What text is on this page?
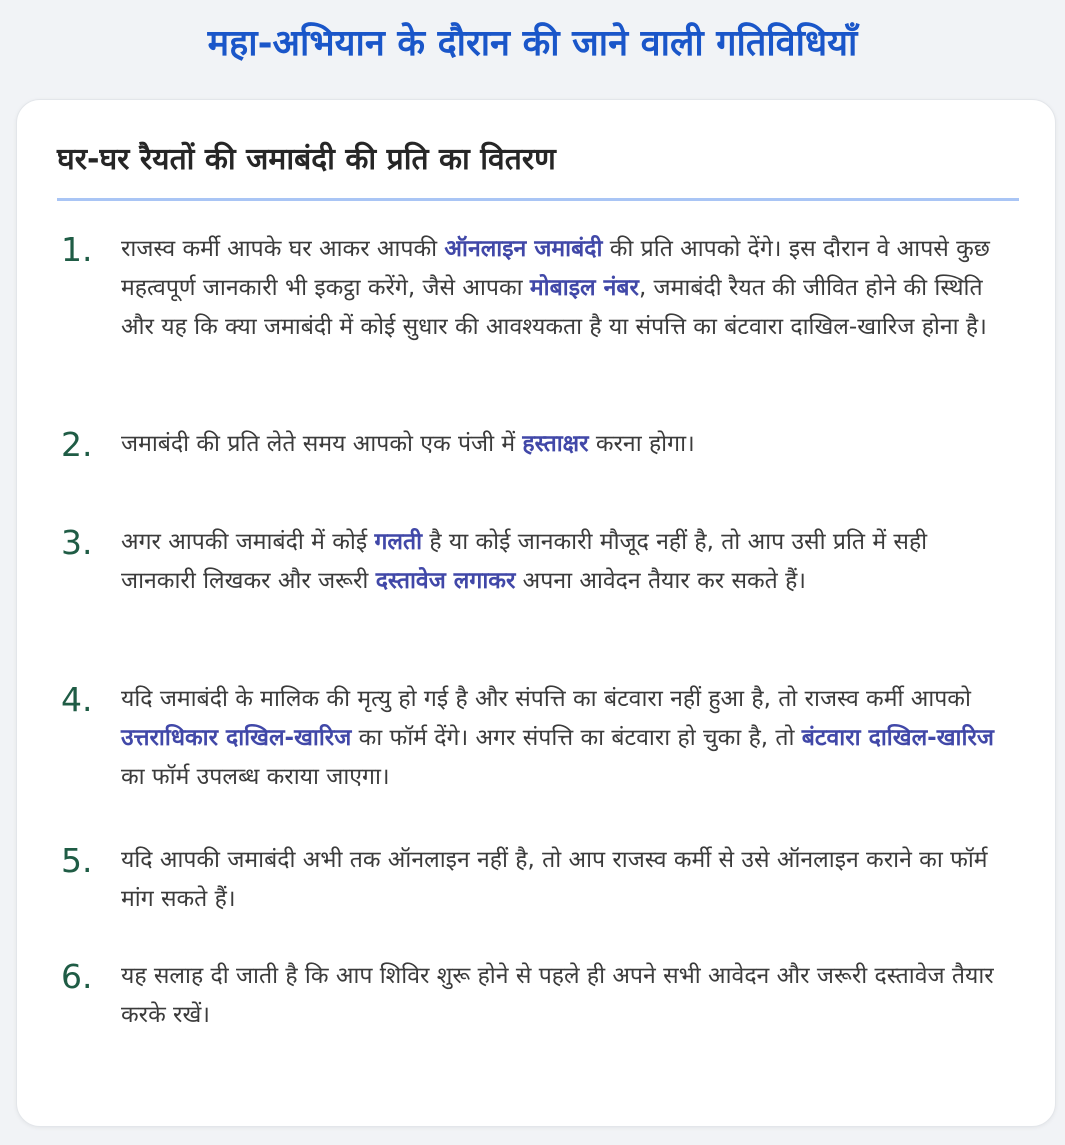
महा-अभियान के दौरान की जाने वाली गतिविधियाँ
घर-घर रैयतों की जमाबंदी की प्रति का वितरण
1. राजस्व कर्मी आपके घर आकर आपकी ऑनलाइन जमाबंदी की प्रति आपको देंगे। इस दौरान वे आपसे कुछ महत्वपूर्ण जानकारी भी इकट्ठा करेंगे, जैसे आपका मोबाइल नंबर, जमाबंदी रैयत की जीवित होने की स्थिति और यह कि क्या जमाबंदी में कोई सुधार की आवश्यकता है या संपत्ति का बंटवारा दाखिल-खारिज होना है।
2. जमाबंदी की प्रति लेते समय आपको एक पंजी में हस्ताक्षर करना होगा।
3. अगर आपकी जमाबंदी में कोई गलती है या कोई जानकारी मौजूद नहीं है, तो आप उसी प्रति में सही जानकारी लिखकर और जरूरी दस्तावेज लगाकर अपना आवेदन तैयार कर सकते हैं।
4. यदि जमाबंदी के मालिक की मृत्यु हो गई है और संपत्ति का बंटवारा नहीं हुआ है, तो राजस्व कर्मी आपको उत्तराधिकार दाखिल-खारिज का फॉर्म देंगे। अगर संपत्ति का बंटवारा हो चुका है, तो बंटवारा दाखिल-खारिज का फॉर्म उपलब्ध कराया जाएगा।
5. यदि आपकी जमाबंदी अभी तक ऑनलाइन नहीं है, तो आप राजस्व कर्मी से उसे ऑनलाइन कराने का फॉर्म मांग सकते हैं।
6. यह सलाह दी जाती है कि आप शिविर शुरू होने से पहले ही अपने सभी आवेदन और जरूरी दस्तावेज तैयार करके रखें।
